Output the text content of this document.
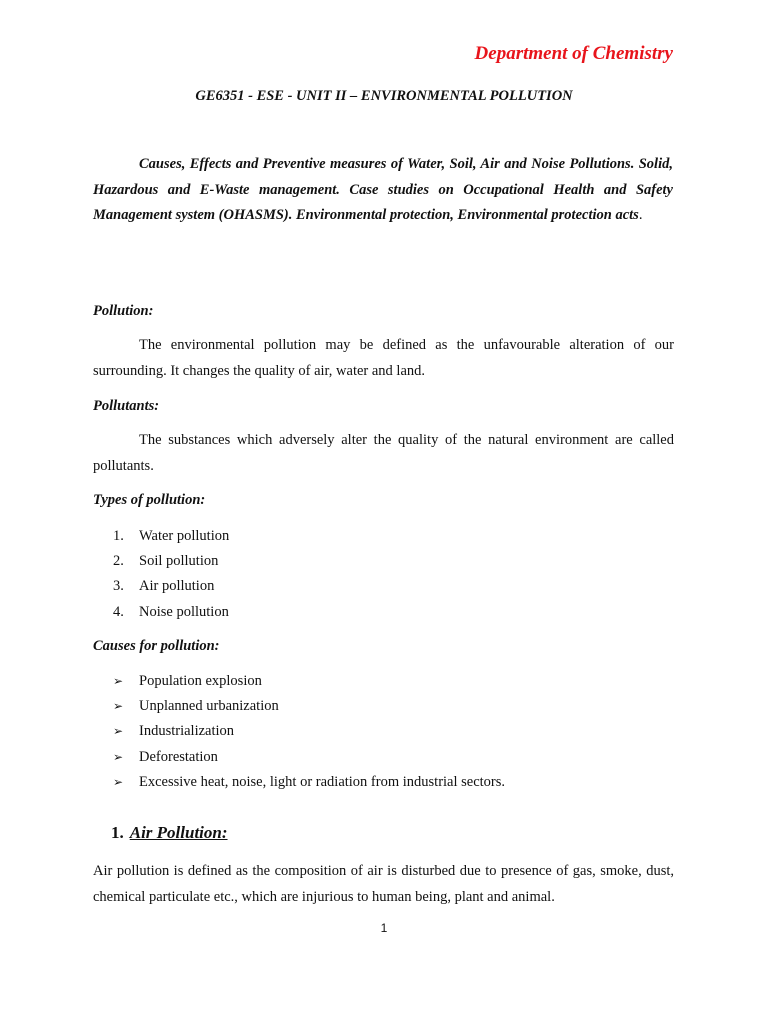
Department of Chemistry
GE6351 - ESE - UNIT II – ENVIRONMENTAL POLLUTION

Causes, Effects and Preventive measures of Water, Soil, Air and Noise Pollutions. Solid, Hazardous and E-Waste management. Case studies on Occupational Health and Safety Management system (OHASMS). Environmental protection, Environmental protection acts.

Pollution:

The environmental pollution may be defined as the unfavourable alteration of our surrounding. It changes the quality of air, water and land.

Pollutants:

The substances which adversely alter the quality of the natural environment are called pollutants.

Types of pollution:
1.	Water pollution
2.	Soil pollution
3.	Air pollution
4.	Noise pollution
Causes for pollution:
➢	Population explosion
➢	Unplanned urbanization
➢	Industrialization
➢	Deforestation
➢	Excessive heat, noise, light or radiation from industrial sectors.
1. Air Pollution:

Air pollution is defined as the composition of air is disturbed due to presence of gas, smoke, dust, chemical particulate etc., which are injurious to human being, plant and animal.

1
